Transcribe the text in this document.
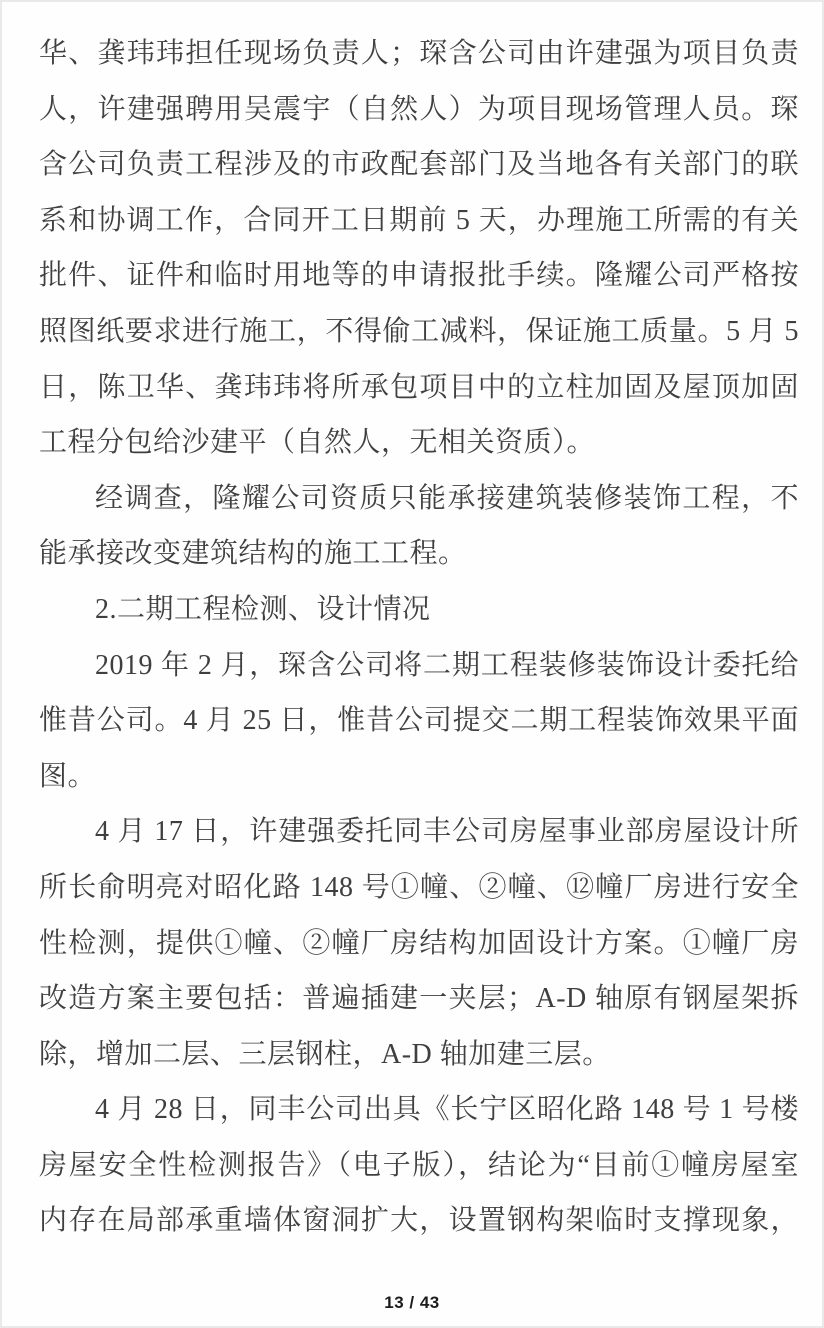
华、龚玮玮担任现场负责人；琛含公司由许建强为项目负责
人，许建强聘用吴震宇（自然人）为项目现场管理人员。琛
含公司负责工程涉及的市政配套部门及当地各有关部门的联
系和协调工作，合同开工日期前 5 天，办理施工所需的有关
批件、证件和临时用地等的申请报批手续。隆耀公司严格按
照图纸要求进行施工，不得偷工减料，保证施工质量。5 月 5
日，陈卫华、龚玮玮将所承包项目中的立柱加固及屋顶加固
工程分包给沙建平（自然人，无相关资质）。
经调查，隆耀公司资质只能承接建筑装修装饰工程，不
能承接改变建筑结构的施工工程。
2.二期工程检测、设计情况
2019 年 2 月，琛含公司将二期工程装修装饰设计委托给
惟昔公司。4 月 25 日，惟昔公司提交二期工程装饰效果平面
图。
4 月 17 日，许建强委托同丰公司房屋事业部房屋设计所
所长俞明亮对昭化路 148 号①幢、②幢、⑫幢厂房进行安全
性检测，提供①幢、②幢厂房结构加固设计方案。①幢厂房
改造方案主要包括：普遍插建一夹层；A-D 轴原有钢屋架拆
除，增加二层、三层钢柱，A-D 轴加建三层。
4 月 28 日，同丰公司出具《长宁区昭化路 148 号 1 号楼
房屋安全性检测报告》（电子版），结论为“目前①幢房屋室
内存在局部承重墙体窗洞扩大，设置钢构架临时支撑现象，
13 / 43
